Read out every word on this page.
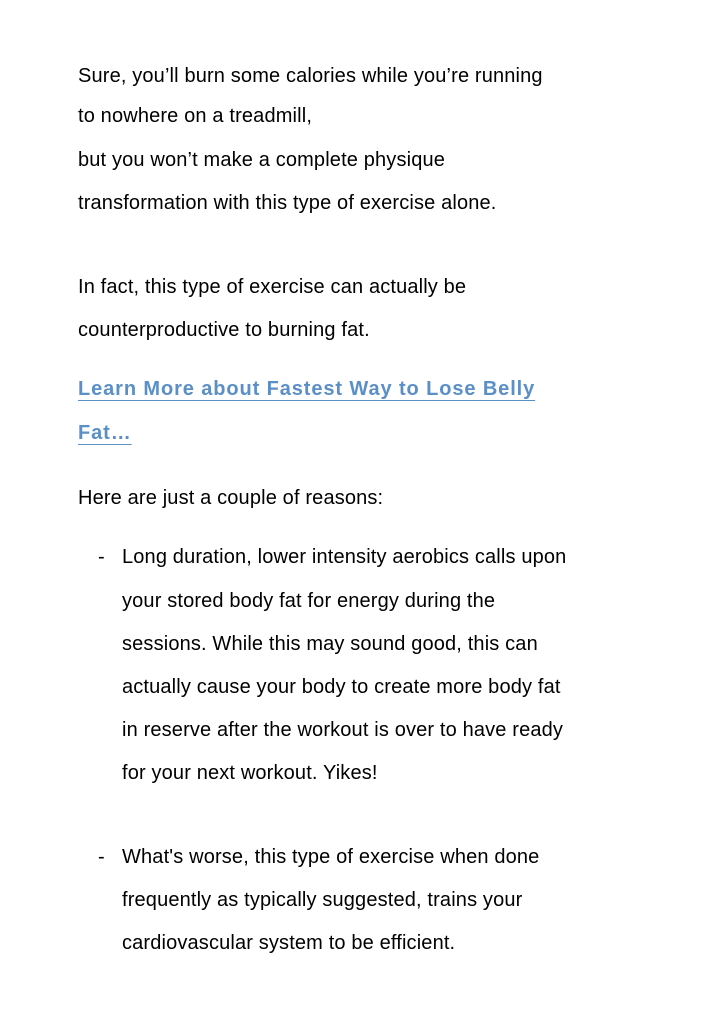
Sure, you’ll burn some calories while you’re running
to nowhere on a treadmill,
but you won’t make a complete physique
transformation with this type of exercise alone.
In fact, this type of exercise can actually be
counterproductive to burning fat.
Learn More about Fastest Way to Lose Belly
Fat…
Here are just a couple of reasons:
- Long duration, lower intensity aerobics calls upon
your stored body fat for energy during the
sessions. While this may sound good, this can
actually cause your body to create more body fat
in reserve after the workout is over to have ready
for your next workout. Yikes!
- What's worse, this type of exercise when done
frequently as typically suggested, trains your
cardiovascular system to be efficient.
